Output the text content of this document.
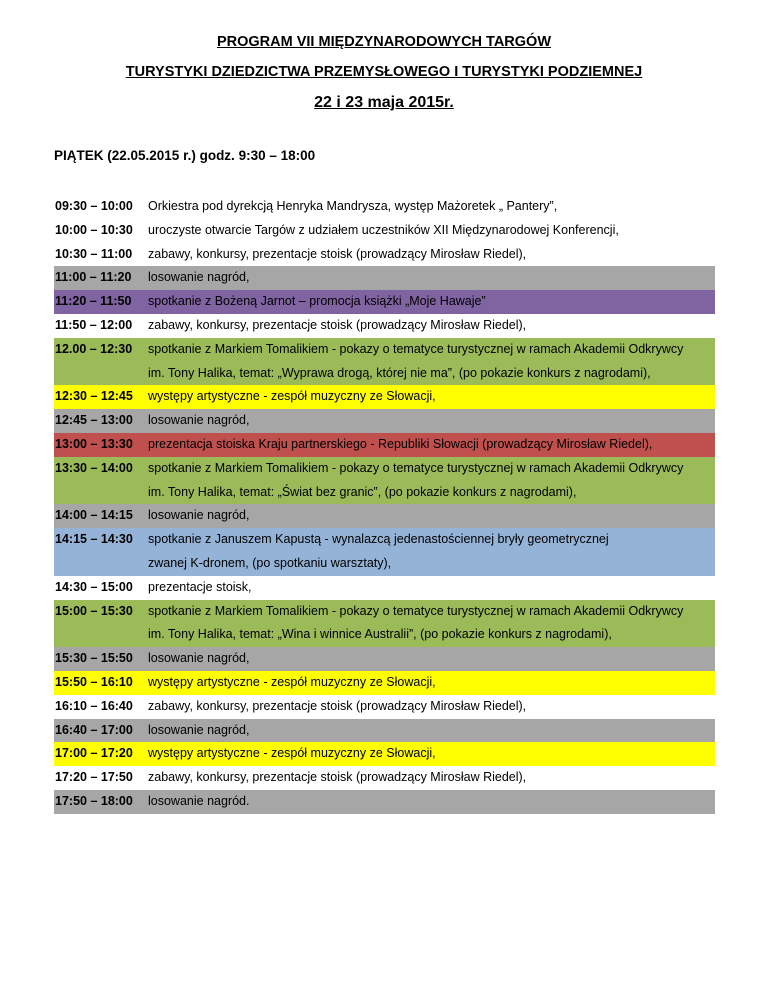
PROGRAM VII MIĘDZYNARODOWYCH TARGÓW
TURYSTYKI DZIEDZICTWA PRZEMYSŁOWEGO I TURYSTYKI PODZIEMNEJ
22 i 23 maja 2015r.
PIĄTEK (22.05.2015 r.) godz. 9:30 – 18:00
09:30 – 10:00	Orkiestra pod dyrekcją Henryka Mandrysza, występ Mażoretek „ Pantery”,
10:00 – 10:30	uroczyste otwarcie Targów z udziałem uczestników XII Międzynarodowej Konferencji,
10:30 – 11:00	zabawy, konkursy, prezentacje stoisk (prowadzący Mirosław Riedel),
11:00 – 11:20	losowanie nagród,
11:20 – 11:50	spotkanie z Bożeną Jarnot – promocja książki „Moje Hawaje”
11:50 – 12:00	zabawy, konkursy, prezentacje stoisk (prowadzący Mirosław Riedel),
12.00 – 12:30	spotkanie z Markiem Tomalikiem - pokazy o tematyce turystycznej w ramach Akademii Odkrywcy
im. Tony Halika, temat: „Wyprawa drogą, której nie ma”, (po pokazie konkurs z nagrodami),
12:30 – 12:45	występy artystyczne - zespół muzyczny ze Słowacji,
12:45 – 13:00	losowanie nagród,
13:00 – 13:30	prezentacja stoiska Kraju partnerskiego - Republiki Słowacji (prowadzący Mirosław Riedel),
13:30 – 14:00	spotkanie z Markiem Tomalikiem - pokazy o tematyce turystycznej w ramach Akademii Odkrywcy
im. Tony Halika, temat: „Świat bez granic”, (po pokazie konkurs z nagrodami),
14:00 – 14:15	losowanie nagród,
14:15 – 14:30	spotkanie z Januszem Kapustą - wynalazcą jedenastościennej bryły geometrycznej
zwanej K-dronem, (po spotkaniu warsztaty),
14:30 – 15:00	prezentacje stoisk,
15:00 – 15:30	spotkanie z Markiem Tomalikiem - pokazy o tematyce turystycznej w ramach Akademii Odkrywcy
im. Tony Halika, temat: „Wina i winnice Australii”, (po pokazie konkurs z nagrodami),
15:30 – 15:50	losowanie nagród,
15:50 – 16:10	występy artystyczne - zespół muzyczny ze Słowacji,
16:10 – 16:40	zabawy, konkursy, prezentacje stoisk (prowadzący Mirosław Riedel),
16:40 – 17:00	losowanie nagród,
17:00 – 17:20	występy artystyczne - zespół muzyczny ze Słowacji,
17:20 – 17:50	zabawy, konkursy, prezentacje stoisk (prowadzący Mirosław Riedel),
17:50 – 18:00	losowanie nagród.
